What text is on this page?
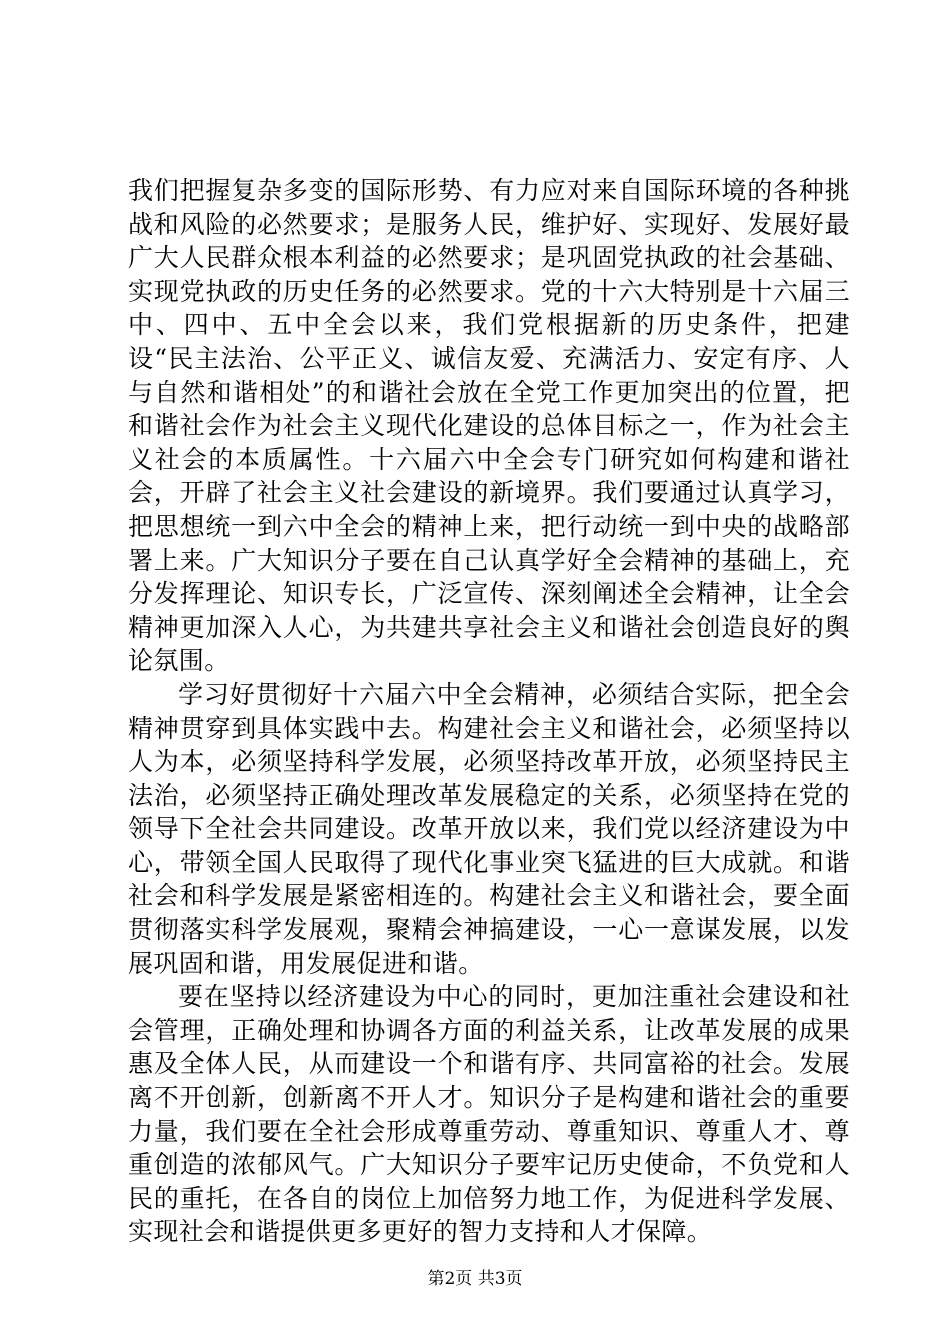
我们把握复杂多变的国际形势、有力应对来自国际环境的各种挑战和风险的必然要求；是服务人民，维护好、实现好、发展好最广大人民群众根本利益的必然要求；是巩固党执政的社会基础、实现党执政的历史任务的必然要求。党的十六大特别是十六届三中、四中、五中全会以来，我们党根据新的历史条件，把建设“民主法治、公平正义、诚信友爱、充满活力、安定有序、人与自然和谐相处”的和谐社会放在全党工作更加突出的位置，把和谐社会作为社会主义现代化建设的总体目标之一，作为社会主义社会的本质属性。十六届六中全会专门研究如何构建和谐社会，开辟了社会主义社会建设的新境界。我们要通过认真学习，把思想统一到六中全会的精神上来，把行动统一到中央的战略部署上来。广大知识分子要在自己认真学好全会精神的基础上，充分发挥理论、知识专长，广泛宣传、深刻阐述全会精神，让全会精神更加深入人心，为共建共享社会主义和谐社会创造良好的舆论氛围。

学习好贯彻好十六届六中全会精神，必须结合实际，把全会精神贯穿到具体实践中去。构建社会主义和谐社会，必须坚持以人为本，必须坚持科学发展，必须坚持改革开放，必须坚持民主法治，必须坚持正确处理改革发展稳定的关系，必须坚持在党的领导下全社会共同建设。改革开放以来，我们党以经济建设为中心，带领全国人民取得了现代化事业突飞猛进的巨大成就。和谐社会和科学发展是紧密相连的。构建社会主义和谐社会，要全面贯彻落实科学发展观，聚精会神搞建设，一心一意谋发展，以发展巩固和谐，用发展促进和谐。

要在坚持以经济建设为中心的同时，更加注重社会建设和社会管理，正确处理和协调各方面的利益关系，让改革发展的成果惠及全体人民，从而建设一个和谐有序、共同富裕的社会。发展离不开创新，创新离不开人才。知识分子是构建和谐社会的重要力量，我们要在全社会形成尊重劳动、尊重知识、尊重人才、尊重创造的浓郁风气。广大知识分子要牢记历史使命，不负党和人民的重托，在各自的岗位上加倍努力地工作，为促进科学发展、实现社会和谐提供更多更好的智力支持和人才保障。

第2页 共3页
